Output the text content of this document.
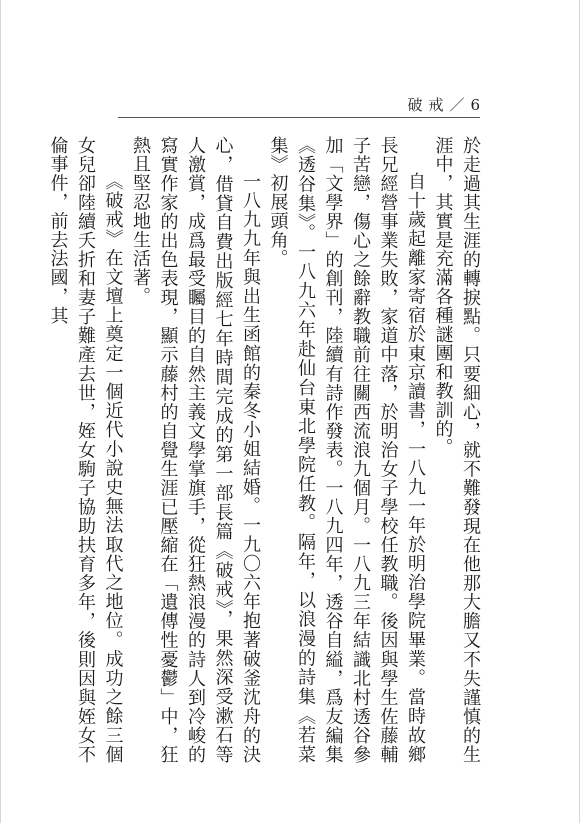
破戒／6

於走過其生涯的轉捩點。只要細心，就不難發現在他那大膽又不失謹慎的生涯中，其實是充滿各種謎團和教訓的。

自十歲起離家寄宿於東京讀書，一八九一年於明治學院畢業。當時故鄉長兄經營事業失敗，家道中落，於明治女子學校任教職。後因與學生佐藤輔子苦戀，傷心之餘辭教職前往關西流浪九個月。一八九三年結識北村透谷參加「文學界」的創刊，陸續有詩作發表。一八九四年，透谷自縊，爲友編集《透谷集》。一八九六年赴仙台東北學院任教。隔年，以浪漫的詩集《若菜集》初展頭角。

一八九九年與出生函館的秦冬小姐結婚。一九〇六年抱著破釜沈舟的決心，借貸自費出版經七年時間完成的第一部長篇《破戒》，果然深受漱石等人激賞，成爲最受矚目的自然主義文學掌旗手，從狂熱浪漫的詩人到冷峻的寫實作家的出色表現，顯示藤村的自覺生涯已壓縮在「遺傳性憂鬱」中，狂熱且堅忍地生活著。

《破戒》在文壇上奠定一個近代小說史無法取代之地位。成功之餘三個女兒卻陸續夭折和妻子難產去世，姪女駒子協助扶育多年，後則因與姪女不倫事件，前去法國，其
